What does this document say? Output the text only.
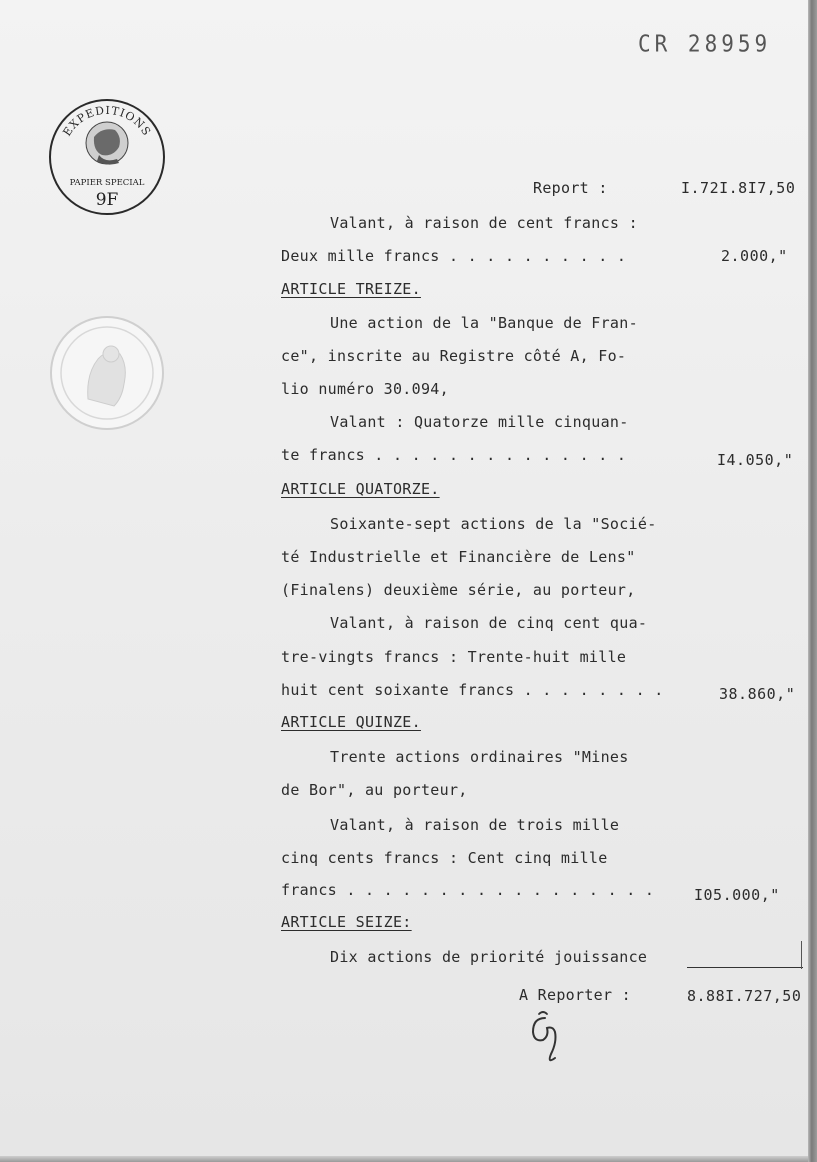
CR 28959
EXPEDITIONS
PAPIER SPECIAL
9F
Report :	I.72I.8I7,50
Valant, à raison de cent francs :
Deux mille francs . . . . . . . . . .	2.000,"
ARTICLE TREIZE.
Une action de la "Banque de Fran-
ce", inscrite au Registre côté A, Fo-
lio numéro 30.094,
Valant : Quatorze mille cinquan-
te francs . . . . . . . . . . . . . .	I4.050,"
ARTICLE QUATORZE.
Soixante-sept actions de la "Socié-
té Industrielle et Financière de Lens"
(Finalens) deuxième série, au porteur,
Valant, à raison de cinq cent qua-
tre-vingts francs : Trente-huit mille
huit cent soixante francs . . . . . . . .	38.860,"
ARTICLE QUINZE.
Trente actions ordinaires "Mines
de Bor", au porteur,
Valant, à raison de trois mille
cinq cents francs : Cent cinq mille
francs . . . . . . . . . . . . . . . . .	I05.000,"
ARTICLE SEIZE:
Dix actions de priorité jouissance
A Reporter :	8.88I.727,50
